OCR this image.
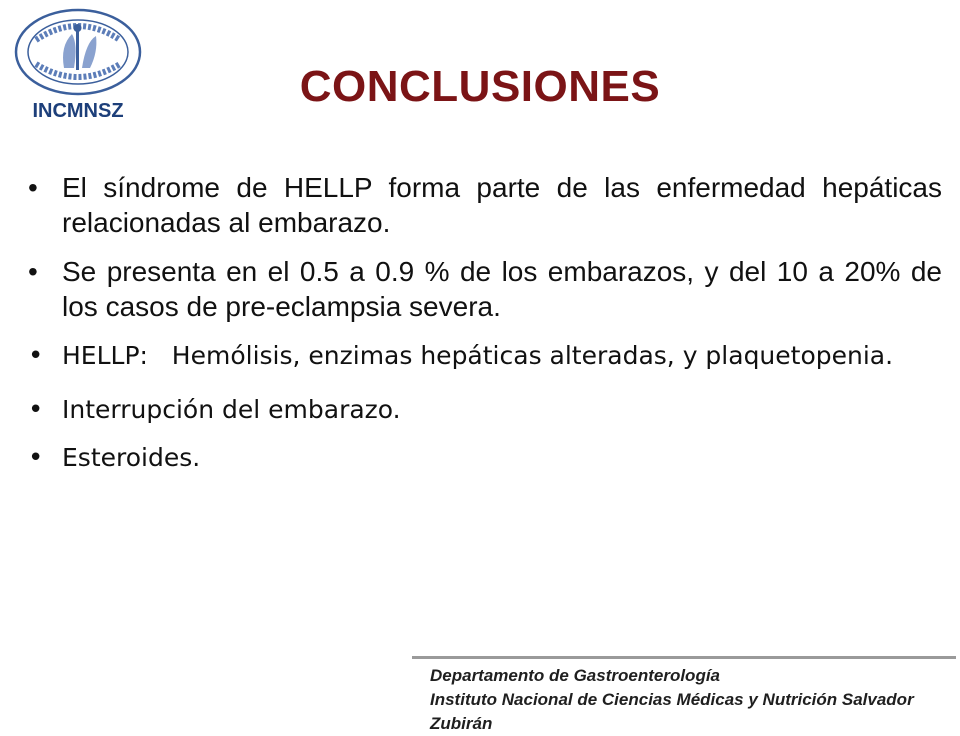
INCMNSZ	CONCLUSIONES
• El síndrome de HELLP forma parte de las enfermedad hepáticas relacionadas al embarazo.
• Se presenta en el 0.5 a 0.9 % de los embarazos, y del 10 a 20% de los casos de pre-eclampsia severa.
• HELLP:   Hemólisis, enzimas hepáticas alteradas, y plaquetopenia.
• Interrupción del embarazo.
• Esteroides.
Departamento de Gastroenterología
Instituto Nacional de Ciencias Médicas y Nutrición Salvador Zubirán
